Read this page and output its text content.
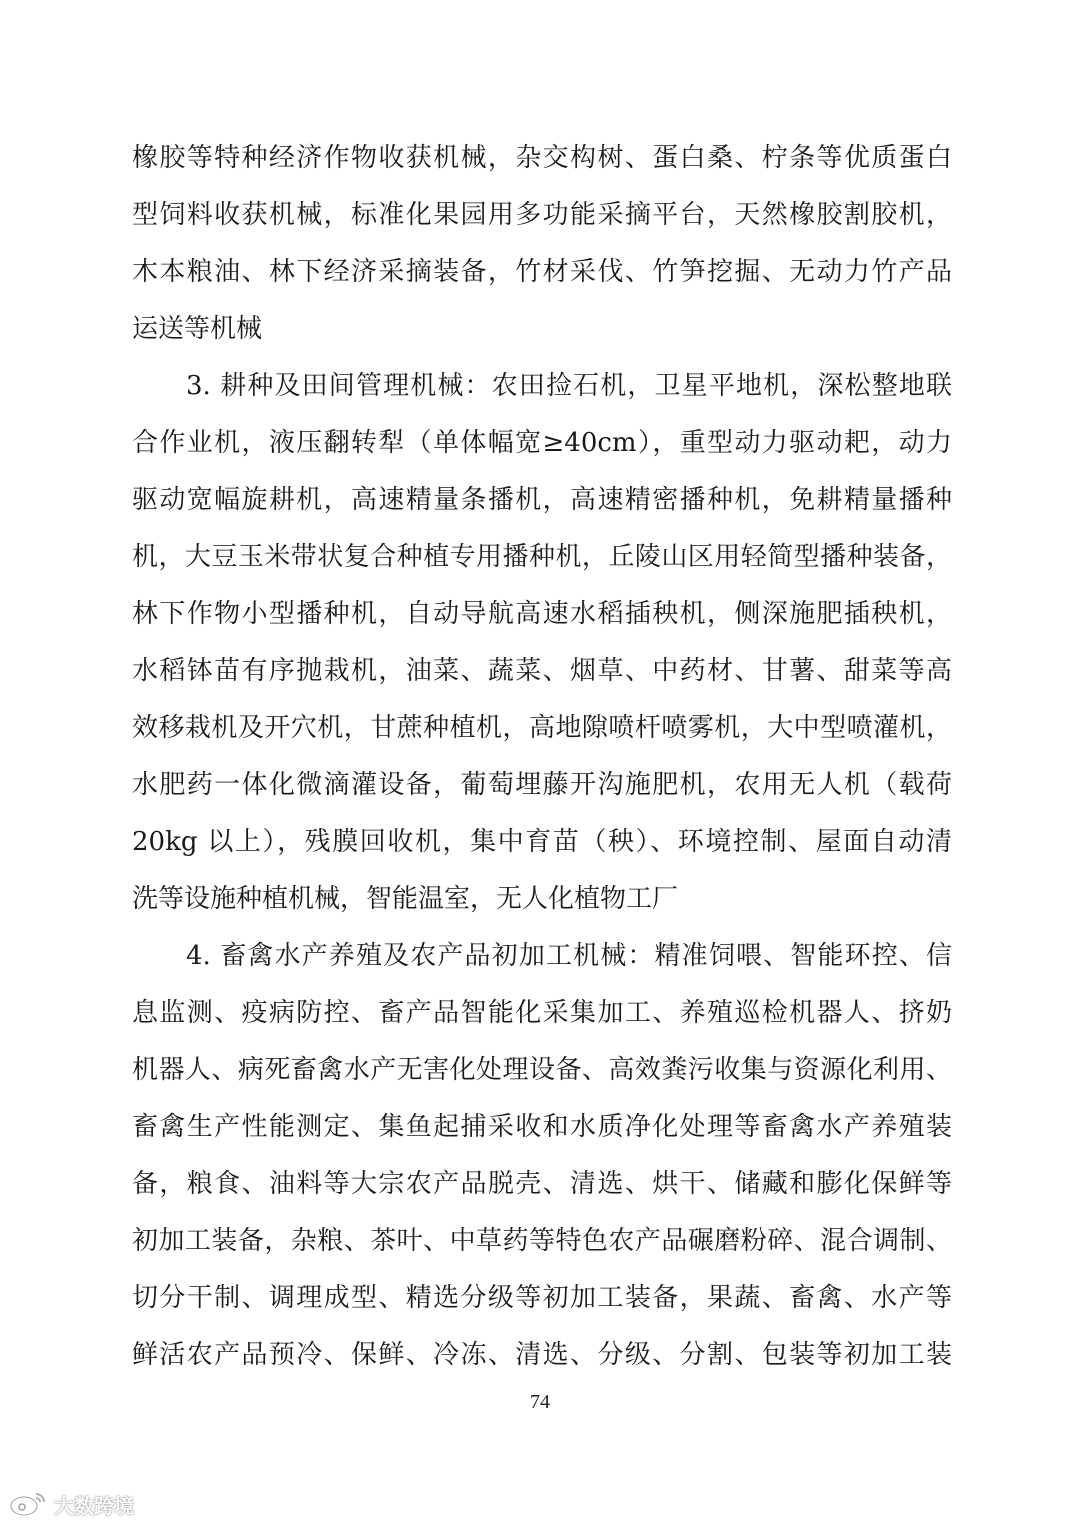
橡胶等特种经济作物收获机械，杂交构树、蛋白桑、柠条等优质蛋白
型饲料收获机械，标准化果园用多功能采摘平台，天然橡胶割胶机，
木本粮油、林下经济采摘装备，竹材采伐、竹笋挖掘、无动力竹产品
运送等机械
3. 耕种及田间管理机械：农田捡石机，卫星平地机，深松整地联
合作业机，液压翻转犁（单体幅宽≥40cm），重型动力驱动耙，动力
驱动宽幅旋耕机，高速精量条播机，高速精密播种机，免耕精量播种
机，大豆玉米带状复合种植专用播种机，丘陵山区用轻简型播种装备，
林下作物小型播种机，自动导航高速水稻插秧机，侧深施肥插秧机，
水稻钵苗有序抛栽机，油菜、蔬菜、烟草、中药材、甘薯、甜菜等高
效移栽机及开穴机，甘蔗种植机，高地隙喷杆喷雾机，大中型喷灌机，
水肥药一体化微滴灌设备，葡萄埋藤开沟施肥机，农用无人机（载荷
20kg 以上），残膜回收机，集中育苗（秧）、环境控制、屋面自动清
洗等设施种植机械，智能温室，无人化植物工厂
4. 畜禽水产养殖及农产品初加工机械：精准饲喂、智能环控、信
息监测、疫病防控、畜产品智能化采集加工、养殖巡检机器人、挤奶
机器人、病死畜禽水产无害化处理设备、高效粪污收集与资源化利用、
畜禽生产性能测定、集鱼起捕采收和水质净化处理等畜禽水产养殖装
备，粮食、油料等大宗农产品脱壳、清选、烘干、储藏和膨化保鲜等
初加工装备，杂粮、茶叶、中草药等特色农产品碾磨粉碎、混合调制、
切分干制、调理成型、精选分级等初加工装备，果蔬、畜禽、水产等
鲜活农产品预冷、保鲜、冷冻、清选、分级、分割、包装等初加工装
74
大数跨境
